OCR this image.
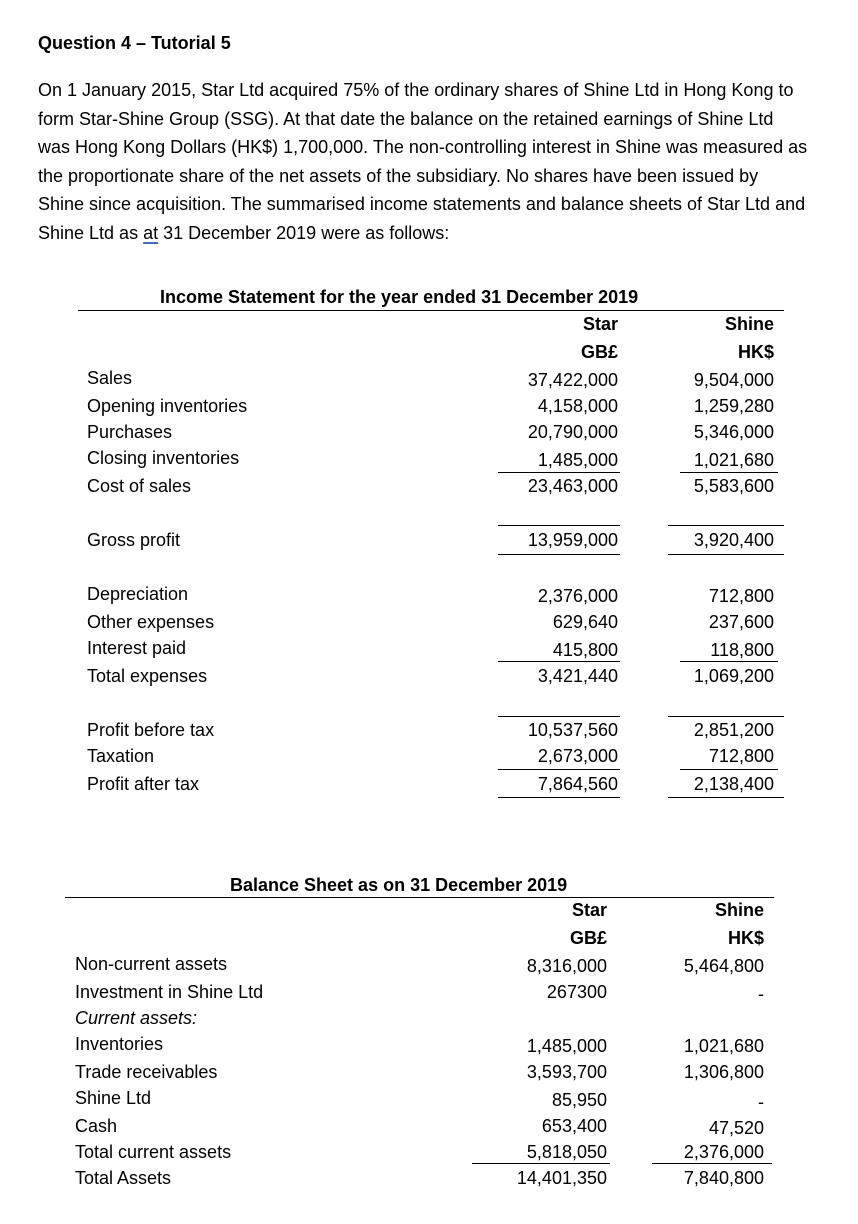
Question 4 – Tutorial 5
On 1 January 2015, Star Ltd acquired 75% of the ordinary shares of Shine Ltd in Hong Kong to form Star-Shine Group (SSG). At that date the balance on the retained earnings of Shine Ltd was Hong Kong Dollars (HK$) 1,700,000. The non-controlling interest in Shine was measured as the proportionate share of the net assets of the subsidiary. No shares have been issued by Shine since acquisition. The summarised income statements and balance sheets of Star Ltd and Shine Ltd as at 31 December 2019 were as follows:
Income Statement for the year ended 31 December 2019
Star	Shine
GB£	HK$
Sales	37,422,000	9,504,000
Opening inventories	4,158,000	1,259,280
Purchases	20,790,000	5,346,000
Closing inventories	1,485,000	1,021,680
Cost of sales	23,463,000	5,583,600
Gross profit	13,959,000	3,920,400
Depreciation	2,376,000	712,800
Other expenses	629,640	237,600
Interest paid	415,800	118,800
Total expenses	3,421,440	1,069,200
Profit before tax	10,537,560	2,851,200
Taxation	2,673,000	712,800
Profit after tax	7,864,560	2,138,400
Balance Sheet as on 31 December 2019
Star	Shine
GB£	HK$
Non-current assets	8,316,000	5,464,800
Investment in Shine Ltd	267300	-
Current assets:
Inventories	1,485,000	1,021,680
Trade receivables	3,593,700	1,306,800
Shine Ltd	85,950	-
Cash	653,400	47,520
Total current assets	5,818,050	2,376,000
Total Assets	14,401,350	7,840,800
